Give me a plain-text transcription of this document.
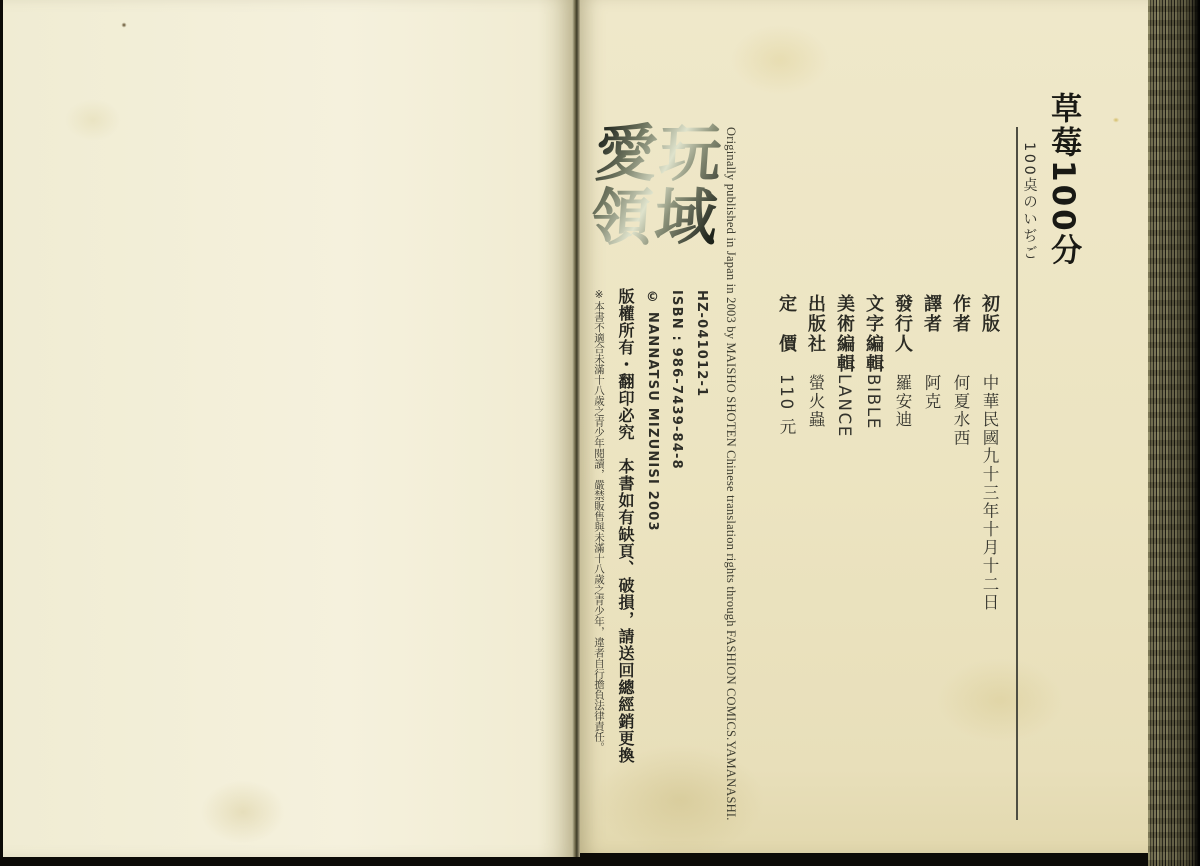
草莓100分
100奌のいぢご
初版中華民國九十三年十月十二日
作者何夏水西
譯者阿克
發行人羅安迪
文字編輯BIBLE
美術編輯LANCE
出版社螢火蟲
定　價110 元
愛玩領域 Originally published in Japan in 2003 by MAISHO SHOTEN Chinese translation rights through FASHION COMICS.YAMANASHI.
HZ-041012-1
ISBN : 986-7439-84-8
© NANNATSU MIZUNISI 2003
版權所有・翻印必究　本書如有缺頁、破損，請送回總經銷更換
※本書不適合未滿十八歲之青少年閱讀，嚴禁販售與未滿十八歲之青少年，違者自行擔負法律責任。
